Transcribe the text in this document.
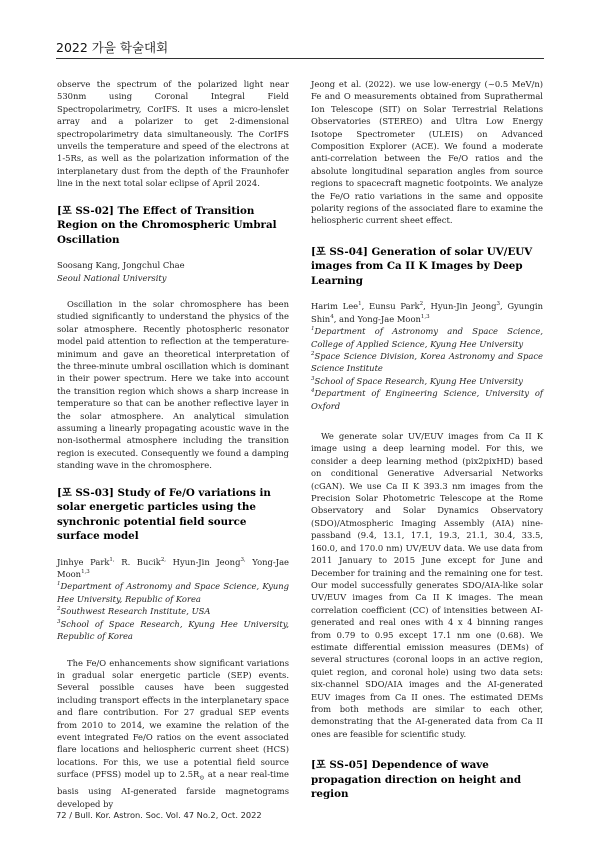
2022 가을 학술대회

observe the spectrum of the polarized light near 530nm using Coronal Integral Field Spectropolarimetry, CorIFS. It uses a micro-lenslet array and a polarizer to get 2-dimensional spectropolarimetry data simultaneously. The CorIFS unveils the temperature and speed of the electrons at 1-5Rs, as well as the polarization information of the interplanetary dust from the depth of the Fraunhofer line in the next total solar eclipse of April 2024.

[포 SS-02] The Effect of Transition Region on the Chromospheric Umbral Oscillation

Soosang Kang, Jongchul Chae

Seoul National University

Oscillation in the solar chromosphere has been studied significantly to understand the physics of the solar atmosphere. Recently photospheric resonator model paid attention to reflection at the temperature-minimum and gave an theoretical interpretation of the three-minute umbral oscillation which is dominant in their power spectrum. Here we take into account the transition region which shows a sharp increase in temperature so that can be another reflective layer in the solar atmosphere. An analytical simulation assuming a linearly propagating acoustic wave in the non-isothermal atmosphere including the transition region is executed. Consequently we found a damping standing wave in the chromosphere.

[포 SS-03] Study of Fe/O variations in solar energetic particles using the synchronic potential field source surface model

Jinhye Park$^{1,}$ R. Bucik$^{2,}$ Hyun-Jin Jeong$^{3,}$ Yong-Jae Moon$^{1,3}$

$^1$Department of Astronomy and Space Science, Kyung Hee University, Republic of Korea

$^2$Southwest Research Institute, USA

$^3$School of Space Research, Kyung Hee University, Republic of Korea

The Fe/O enhancements show significant variations in gradual solar energetic particle (SEP) events. Several possible causes have been suggested including transport effects in the interplanetary space and flare contribution. For 27 gradual SEP events from 2010 to 2014, we examine the relation of the event integrated Fe/O ratios on the event associated flare locations and heliospheric current sheet (HCS) locations. For this, we use a potential field source surface (PFSS) model up to $2.5R_⊙$ at a near real-time basis using AI-generated farside magnetograms developed by

Jeong et al. (2022). we use low-energy (~0.5 MeV/n) Fe and O measurements obtained from Suprathermal Ion Telescope (SIT) on Solar Terrestrial Relations Observatories (STEREO) and Ultra Low Energy Isotope Spectrometer (ULEIS) on Advanced Composition Explorer (ACE). We found a moderate anti-correlation between the Fe/O ratios and the absolute longitudinal separation angles from source regions to spacecraft magnetic footpoints. We analyze the Fe/O ratio variations in the same and opposite polarity regions of the associated flare to examine the heliospheric current sheet effect.

[포 SS-04] Generation of solar UV/EUV images from Ca II K Images by Deep Learning

Harim Lee$^1$, Eunsu Park$^2$, Hyun-Jin Jeong$^3$, Gyungin Shin$^4$, and Yong-Jae Moon$^{1,3}$

$^1$Department of Astronomy and Space Science, College of Applied Science, Kyung Hee University

$^2$Space Science Division, Korea Astronomy and Space Science Institute

$^3$School of Space Research, Kyung Hee University

$^4$Department of Engineering Science, University of Oxford

We generate solar UV/EUV images from Ca II K image using a deep learning model. For this, we consider a deep learning method (pix2pixHD) based on conditional Generative Adversarial Networks (cGAN). We use Ca II K 393.3 nm images from the Precision Solar Photometric Telescope at the Rome Observatory and Solar Dynamics Observatory (SDO)/Atmospheric Imaging Assembly (AIA) nine-passband (9.4, 13.1, 17.1, 19.3, 21.1, 30.4, 33.5, 160.0, and 170.0 nm) UV/EUV data. We use data from 2011 January to 2015 June except for June and December for training and the remaining one for test. Our model successfully generates SDO/AIA-like solar UV/EUV images from Ca II K images. The mean correlation coefficient (CC) of intensities between AI-generated and real ones with 4 x 4 binning ranges from 0.79 to 0.95 except 17.1 nm one (0.68). We estimate differential emission measures (DEMs) of several structures (coronal loops in an active region, quiet region, and coronal hole) using two data sets: six-channel SDO/AIA images and the AI-generated EUV images from Ca II ones. The estimated DEMs from both methods are similar to each other, demonstrating that the AI-generated data from Ca II ones are feasible for scientific study.

[포 SS-05] Dependence of wave propagation direction on height and region
72 / Bull. Kor. Astron. Soc. Vol. 47 No.2, Oct. 2022
